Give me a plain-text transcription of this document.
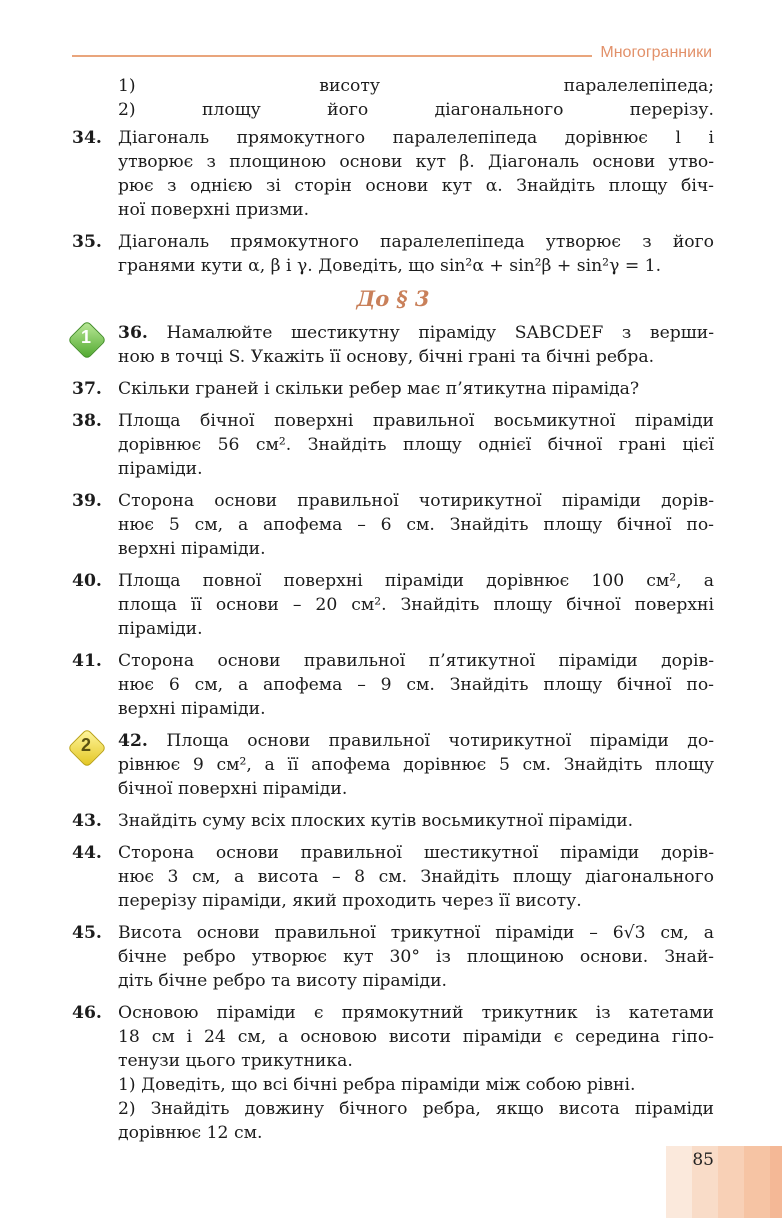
Многогранники
1) висоту паралелепіпеда;
2) площу його діагонального перерізу.
34. Діагональ прямокутного паралелепіпеда дорівнює l і
утворює з площиною основи кут β. Діагональ основи утво-
рює з однією зі сторін основи кут α. Знайдіть площу біч-
ної поверхні призми.
35. Діагональ прямокутного паралелепіпеда утворює з його
гранями кути α, β і γ. Доведіть, що sin²α + sin²β + sin²γ = 1.
До § 3
1	36. Намалюйте шестикутну піраміду SABCDEF з верши-
ною в точці S. Укажіть її основу, бічні грані та бічні ребра.
37. Скільки граней і скільки ребер має п’ятикутна піраміда?
38. Площа бічної поверхні правильної восьмикутної піраміди
дорівнює 56 см². Знайдіть площу однієї бічної грані цієї
піраміди.
39. Сторона основи правильної чотирикутної піраміди дорів-
нює 5 см, а апофема – 6 см. Знайдіть площу бічної по-
верхні піраміди.
40. Площа повної поверхні піраміди дорівнює 100 см², а
площа її основи – 20 см². Знайдіть площу бічної поверхні
піраміди.
41. Сторона основи правильної п’ятикутної піраміди дорів-
нює 6 см, а апофема – 9 см. Знайдіть площу бічної по-
верхні піраміди.
2	42. Площа основи правильної чотирикутної піраміди до-
рівнює 9 см², а її апофема дорівнює 5 см. Знайдіть площу
бічної поверхні піраміди.
43. Знайдіть суму всіх плоских кутів восьмикутної піраміди.
44. Сторона основи правильної шестикутної піраміди дорів-
нює 3 см, а висота – 8 см. Знайдіть площу діагонального
перерізу піраміди, який проходить через її висоту.
45. Висота основи правильної трикутної піраміди – 6√3 см, а
бічне ребро утворює кут 30° із площиною основи. Знай-
діть бічне ребро та висоту піраміди.
46. Основою піраміди є прямокутний трикутник із катетами
18 см і 24 см, а основою висоти піраміди є середина гіпо-
тенузи цього трикутника.
1) Доведіть, що всі бічні ребра піраміди між собою рівні.
2) Знайдіть довжину бічного ребра, якщо висота піраміди
дорівнює 12 см.
85
